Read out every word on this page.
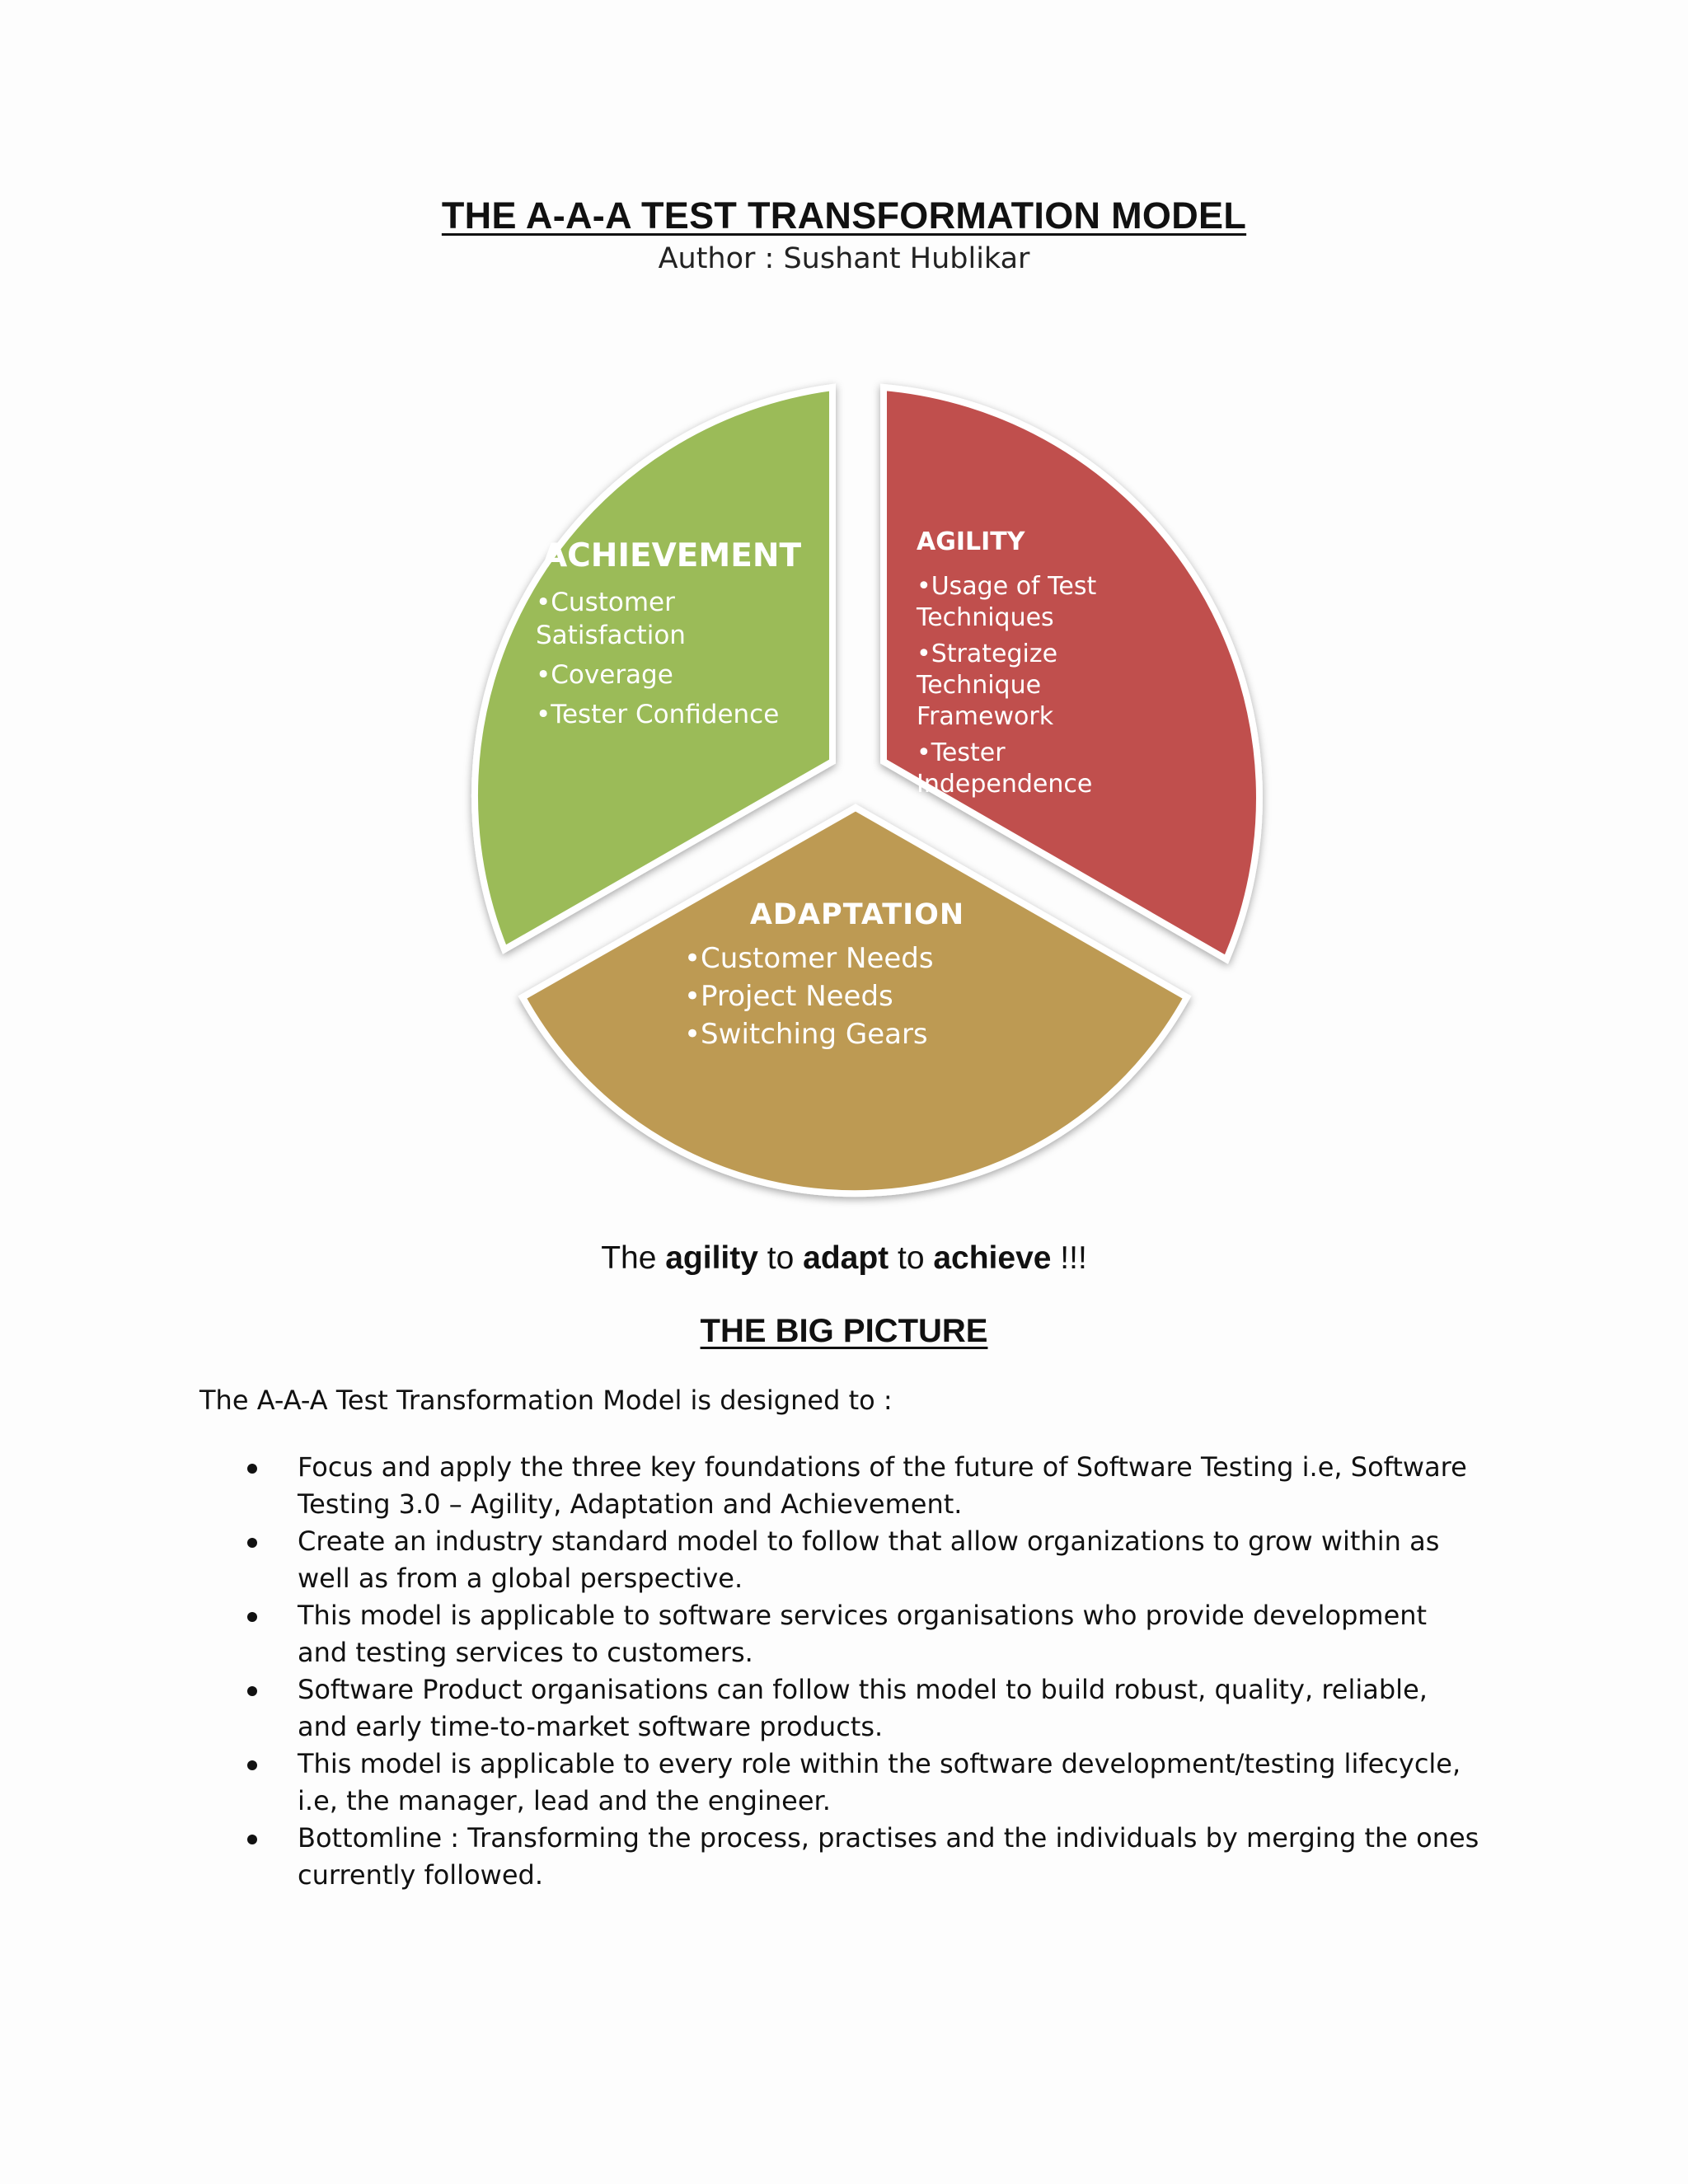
THE A-A-A TEST TRANSFORMATION MODEL
Author : Sushant Hublikar
ACHIEVEMENT
•Customer Satisfaction
•Coverage
•Tester Confidence
AGILITY
•Usage of Test Techniques
•Strategize Technique Framework
•Tester Independence
ADAPTATION
•Customer Needs
•Project Needs
•Switching Gears
The agility to adapt to achieve !!!
THE BIG PICTURE
The A-A-A Test Transformation Model is designed to :
Focus and apply the three key foundations of the future of Software Testing i.e, Software Testing 3.0 – Agility, Adaptation and Achievement.
Create an industry standard model to follow that allow organizations to grow within as well as from a global perspective.
This model is applicable to software services organisations who provide development and testing services to customers.
Software Product organisations can follow this model to build robust, quality, reliable, and early time-to-market software products.
This model is applicable to every role within the software development/testing lifecycle, i.e, the manager, lead and the engineer.
Bottomline : Transforming the process, practises and the individuals by merging the ones currently followed.
